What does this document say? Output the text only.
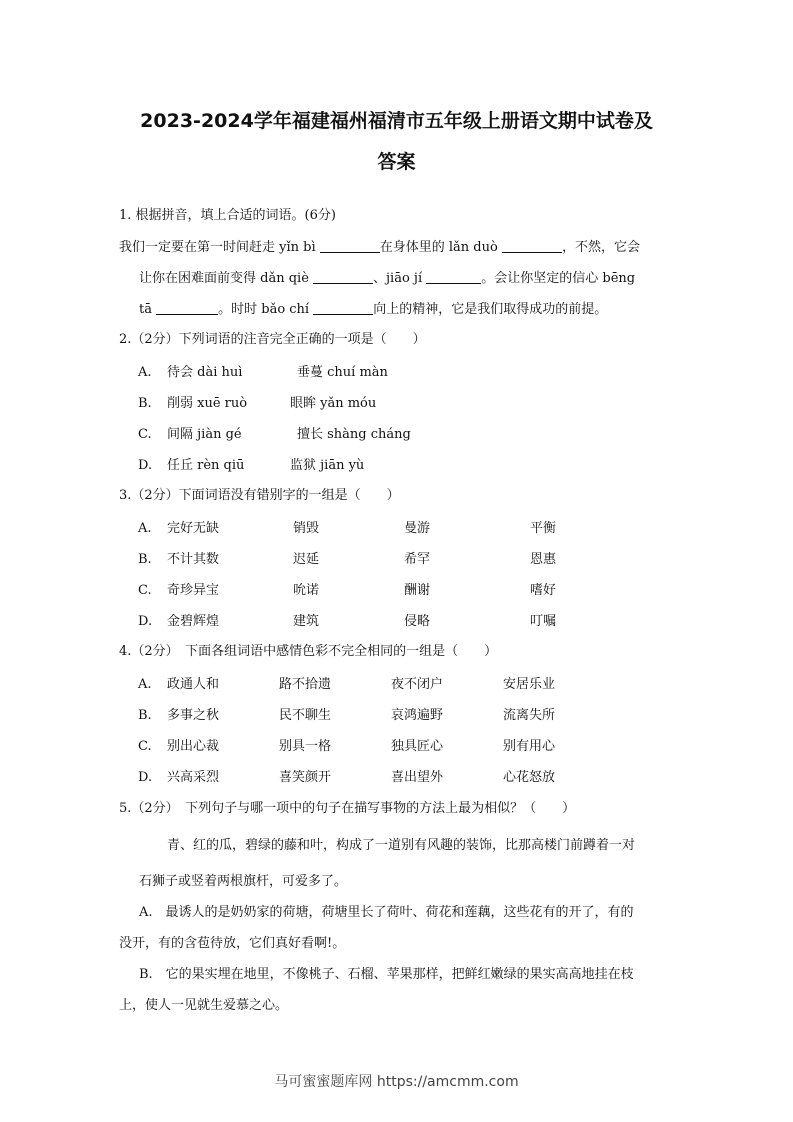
2023-2024学年福建福州福清市五年级上册语文期中试卷及
答案
1. 根据拼音，填上合适的词语。(6分)
我们一定要在第一时间赶走 yǐn bì	在身体里的 lǎn duò	，不然，它会
让你在困难面前变得 dǎn qiè	、jiāo jí	。会让你坚定的信心 bēng
tā	。时时 bǎo chí	向上的精神，它是我们取得成功的前提。
2.（2分）下列词语的注音完全正确的一项是（　　）
A. 待会 dài huì	垂蔓 chuí màn
B. 削弱 xuē ruò	眼眸 yǎn móu
C. 间隔 jiàn gé	擅长 shàng cháng
D. 任丘 rèn qiū	监狱 jiān yù
3.（2分）下面词语没有错别字的一组是（　　）
A. 完好无缺	销毁	曼游	平衡
B. 不计其数	迟延	希罕	恩惠
C. 奇珍异宝	吮诺	酬谢	嗜好
D. 金碧辉煌	建筑	侵略	叮嘱
4.（2分）　下面各组词语中感情色彩不完全相同的一组是（　　）
A. 政通人和	路不拾遗	夜不闭户	安居乐业
B. 多事之秋	民不聊生	哀鸿遍野	流离失所
C. 别出心裁	别具一格	独具匠心	别有用心
D. 兴高采烈	喜笑颜开	喜出望外	心花怒放
5.（2分）　下列句子与哪一项中的句子在描写事物的方法上最为相似？（　　）
青、红的瓜，碧绿的藤和叶，构成了一道别有风趣的装饰，比那高楼门前蹲着一对
石狮子或竖着两根旗杆，可爱多了。
A.　最诱人的是奶奶家的荷塘，荷塘里长了荷叶、荷花和莲藕，这些花有的开了，有的
没开，有的含苞待放，它们真好看啊!。
B.　它的果实埋在地里，不像桃子、石榴、苹果那样，把鲜红嫩绿的果实高高地挂在枝
上，使人一见就生爱慕之心。
马可蜜蜜题库网 https://amcmm.com
